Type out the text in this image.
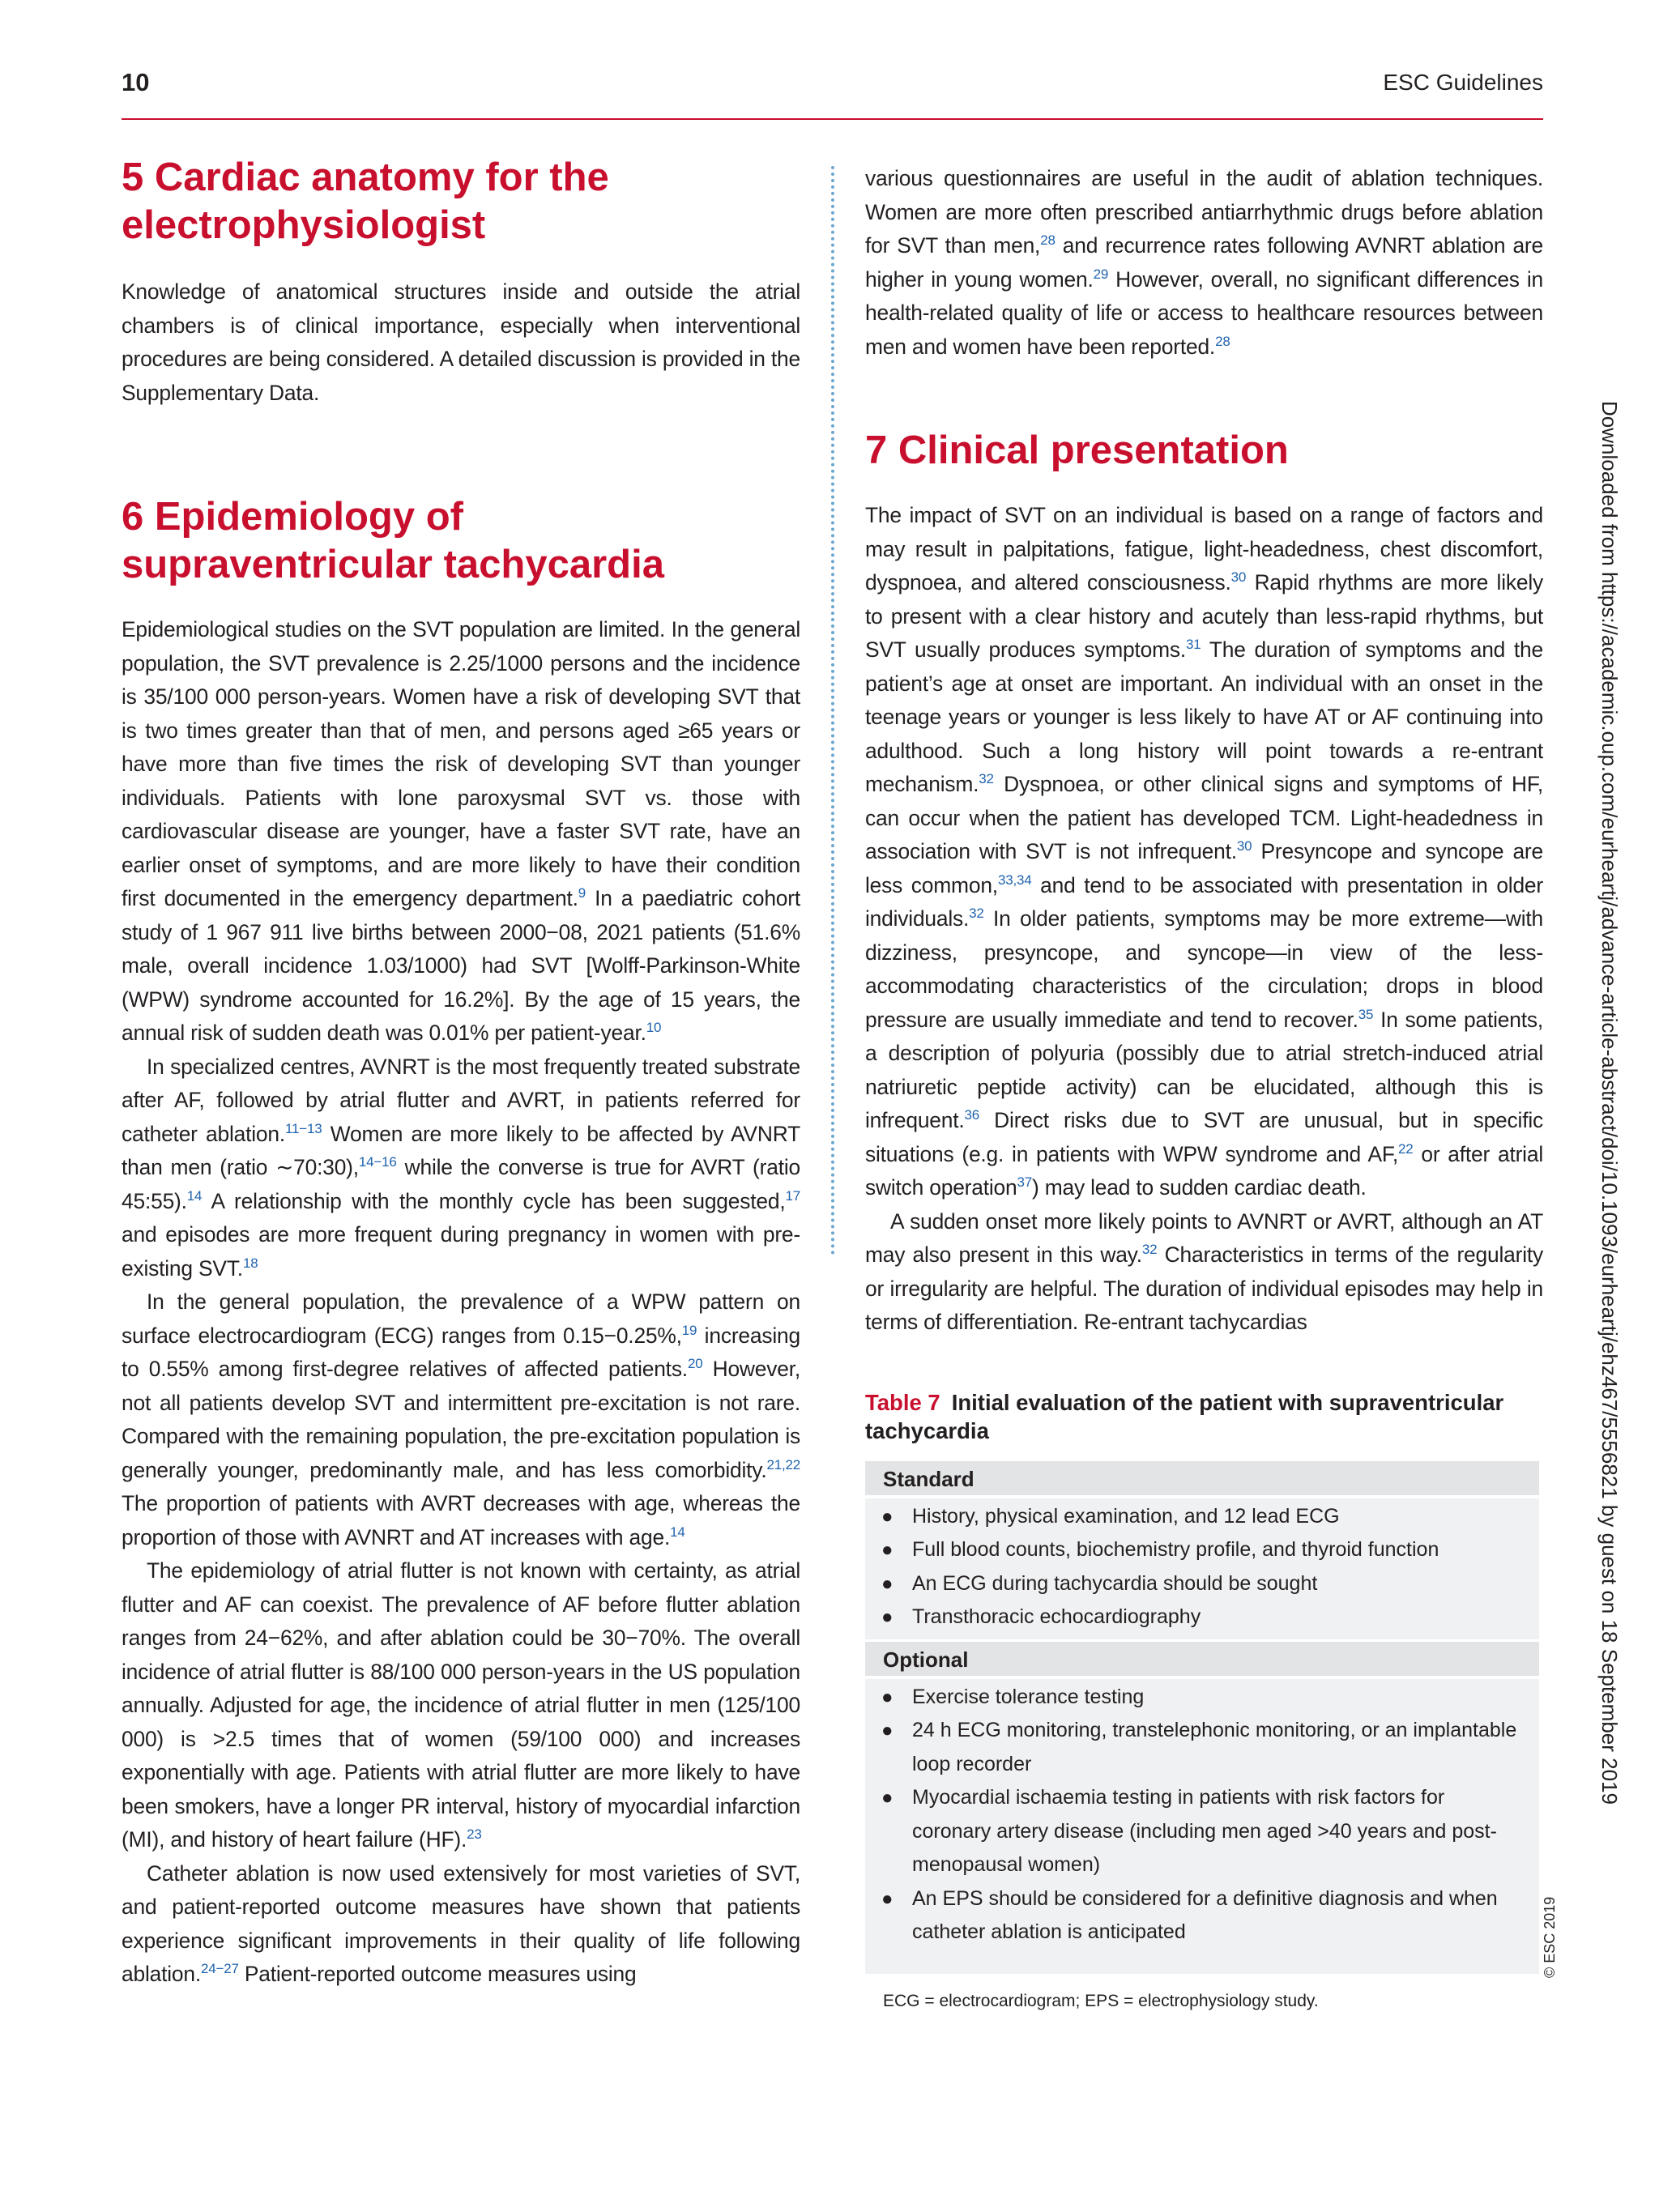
10	ESC Guidelines
5 Cardiac anatomy for the
electrophysiologist

Knowledge of anatomical structures inside and outside the atrial chambers is of clinical importance, especially when interventional procedures are being considered. A detailed discussion is provided in the Supplementary Data.

6 Epidemiology of
supraventricular tachycardia

Epidemiological studies on the SVT population are limited. In the general population, the SVT prevalence is 2.25/1000 persons and the incidence is 35/100 000 person-years. Women have a risk of developing SVT that is two times greater than that of men, and persons aged ≥65 years or have more than five times the risk of developing SVT than younger individuals. Patients with lone paroxysmal SVT vs. those with cardiovascular disease are younger, have a faster SVT rate, have an earlier onset of symptoms, and are more likely to have their condition first documented in the emergency department.$^9$ In a paediatric cohort study of 1 967 911 live births between 2000−08, 2021 patients (51.6% male, overall incidence 1.03/1000) had SVT [Wolff-Parkinson-White (WPW) syndrome accounted for 16.2%]. By the age of 15 years, the annual risk of sudden death was 0.01% per patient-year.$^{10}$

In specialized centres, AVNRT is the most frequently treated substrate after AF, followed by atrial flutter and AVRT, in patients referred for catheter ablation.$^{11-13}$ Women are more likely to be affected by AVNRT than men (ratio ∼70:30),$^{14-16}$ while the converse is true for AVRT (ratio 45:55).$^{14}$ A relationship with the monthly cycle has been suggested,$^{17}$ and episodes are more frequent during pregnancy in women with pre-existing SVT.$^{18}$

In the general population, the prevalence of a WPW pattern on surface electrocardiogram (ECG) ranges from 0.15−0.25%,$^{19}$ increasing to 0.55% among first-degree relatives of affected patients.$^{20}$ However, not all patients develop SVT and intermittent pre-excitation is not rare. Compared with the remaining population, the pre-excitation population is generally younger, predominantly male, and has less comorbidity.$^{21,22}$ The proportion of patients with AVRT decreases with age, whereas the proportion of those with AVNRT and AT increases with age.$^{14}$

The epidemiology of atrial flutter is not known with certainty, as atrial flutter and AF can coexist. The prevalence of AF before flutter ablation ranges from 24−62%, and after ablation could be 30−70%. The overall incidence of atrial flutter is 88/100 000 person-years in the US population annually. Adjusted for age, the incidence of atrial flutter in men (125/100 000) is >2.5 times that of women (59/100 000) and increases exponentially with age. Patients with atrial flutter are more likely to have been smokers, have a longer PR interval, history of myocardial infarction (MI), and history of heart failure (HF).$^{23}$

Catheter ablation is now used extensively for most varieties of SVT, and patient-reported outcome measures have shown that patients experience significant improvements in their quality of life following ablation.$^{24-27}$ Patient-reported outcome measures using

various questionnaires are useful in the audit of ablation techniques. Women are more often prescribed antiarrhythmic drugs before ablation for SVT than men,$^{28}$ and recurrence rates following AVNRT ablation are higher in young women.$^{29}$ However, overall, no significant differences in health-related quality of life or access to healthcare resources between men and women have been reported.$^{28}$

7 Clinical presentation

The impact of SVT on an individual is based on a range of factors and may result in palpitations, fatigue, light-headedness, chest discomfort, dyspnoea, and altered consciousness.$^{30}$ Rapid rhythms are more likely to present with a clear history and acutely than less-rapid rhythms, but SVT usually produces symptoms.$^{31}$ The duration of symptoms and the patient’s age at onset are important. An individual with an onset in the teenage years or younger is less likely to have AT or AF continuing into adulthood. Such a long history will point towards a re-entrant mechanism.$^{32}$ Dyspnoea, or other clinical signs and symptoms of HF, can occur when the patient has developed TCM. Light-headedness in association with SVT is not infrequent.$^{30}$ Presyncope and syncope are less common,$^{33,34}$ and tend to be associated with presentation in older individuals.$^{32}$ In older patients, symptoms may be more extreme—with dizziness, presyncope, and syncope—in view of the less-accommodating characteristics of the circulation; drops in blood pressure are usually immediate and tend to recover.$^{35}$ In some patients, a description of polyuria (possibly due to atrial stretch-induced atrial natriuretic peptide activity) can be elucidated, although this is infrequent.$^{36}$ Direct risks due to SVT are unusual, but in specific situations (e.g. in patients with WPW syndrome and AF,$^{22}$ or after atrial switch operation$^{37}$) may lead to sudden cardiac death.

A sudden onset more likely points to AVNRT or AVRT, although an AT may also present in this way.$^{32}$ Characteristics in terms of the regularity or irregularity are helpful. The duration of individual episodes may help in terms of differentiation. Re-entrant tachycardias

Table 7 Initial evaluation of the patient with supraventricular tachycardia
Standard
● History, physical examination, and 12 lead ECG
● Full blood counts, biochemistry profile, and thyroid function
● An ECG during tachycardia should be sought
● Transthoracic echocardiography
Optional
● Exercise tolerance testing
● 24 h ECG monitoring, transtelephonic monitoring, or an implantable loop recorder
● Myocardial ischaemia testing in patients with risk factors for coronary artery disease (including men aged >40 years and post-menopausal women)
● An EPS should be considered for a definitive diagnosis and when catheter ablation is anticipated
ECG = electrocardiogram; EPS = electrophysiology study.
© ESC 2019
Downloaded from https://academic.oup.com/eurheartj/advance-article-abstract/doi/10.1093/eurheartj/ehz467/5556821 by guest on 18 September 2019
